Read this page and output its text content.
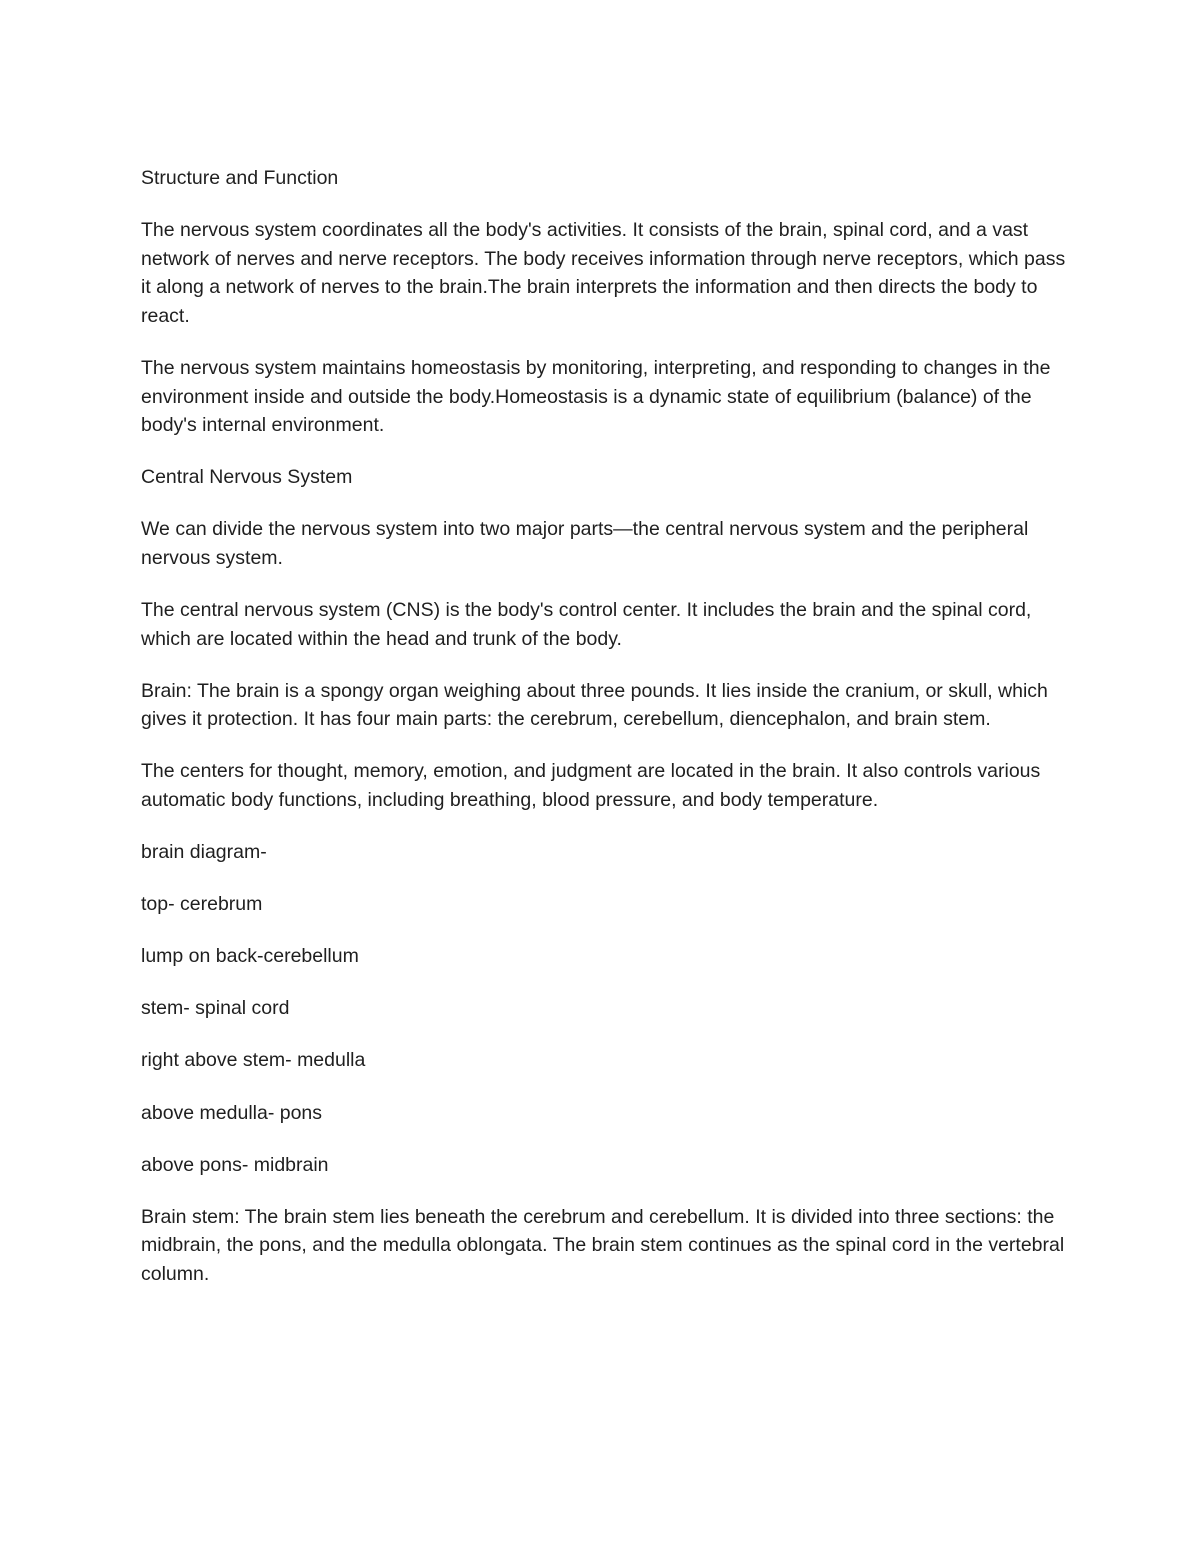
Structure and Function

The nervous system coordinates all the body's activities. It consists of the brain, spinal cord, and a vast network of nerves and nerve receptors. The body receives information through nerve receptors, which pass it along a network of nerves to the brain.The brain interprets the information and then directs the body to react.

The nervous system maintains homeostasis by monitoring, interpreting, and responding to changes in the environment inside and outside the body.Homeostasis is a dynamic state of equilibrium (balance) of the body's internal environment.

Central Nervous System

We can divide the nervous system into two major parts—the central nervous system and the peripheral nervous system.

The central nervous system (CNS) is the body's control center. It includes the brain and the spinal cord, which are located within the head and trunk of the body.

Brain: The brain is a spongy organ weighing about three pounds. It lies inside the cranium, or skull, which gives it protection. It has four main parts: the cerebrum, cerebellum, diencephalon, and brain stem.

The centers for thought, memory, emotion, and judgment are located in the brain. It also controls various automatic body functions, including breathing, blood pressure, and body temperature.

brain diagram-

top- cerebrum

lump on back-cerebellum

stem- spinal cord

right above stem- medulla

above medulla- pons

above pons- midbrain

Brain stem: The brain stem lies beneath the cerebrum and cerebellum. It is divided into three sections: the midbrain, the pons, and the medulla oblongata. The brain stem continues as the spinal cord in the vertebral column.
